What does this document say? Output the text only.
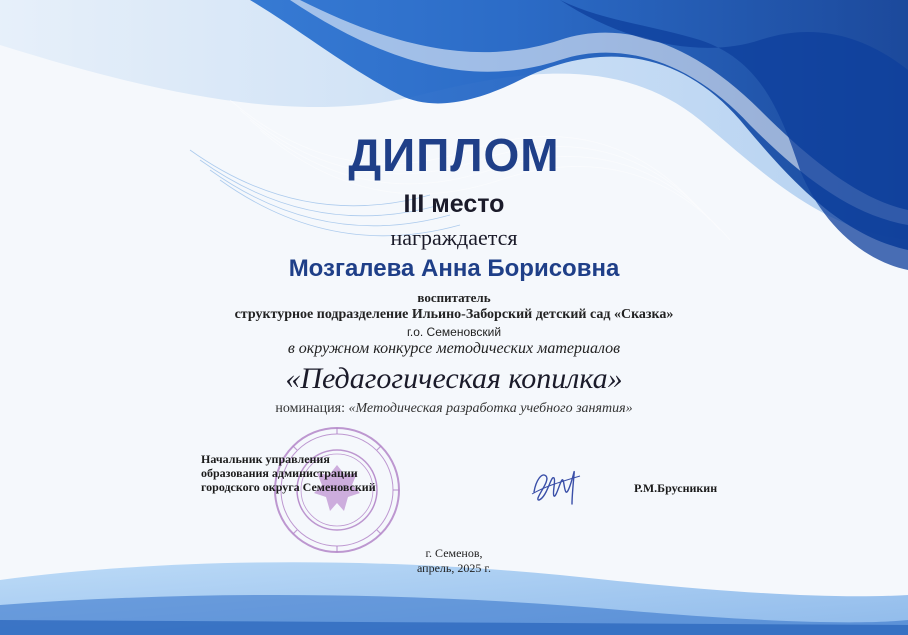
ДИПЛОМ
III место
награждается
Мозгалева Анна Борисовна
воспитатель
структурное подразделение Ильино-Заборский детский сад «Сказка»
г.о. Семеновский
в окружном конкурсе методических материалов
«Педагогическая копилка»
номинация: «Методическая разработка учебного занятия»
Начальник управления
образования администрации
городского округа Семеновский	Р.М.Брусникин
г. Семенов,
апрель, 2025 г.
